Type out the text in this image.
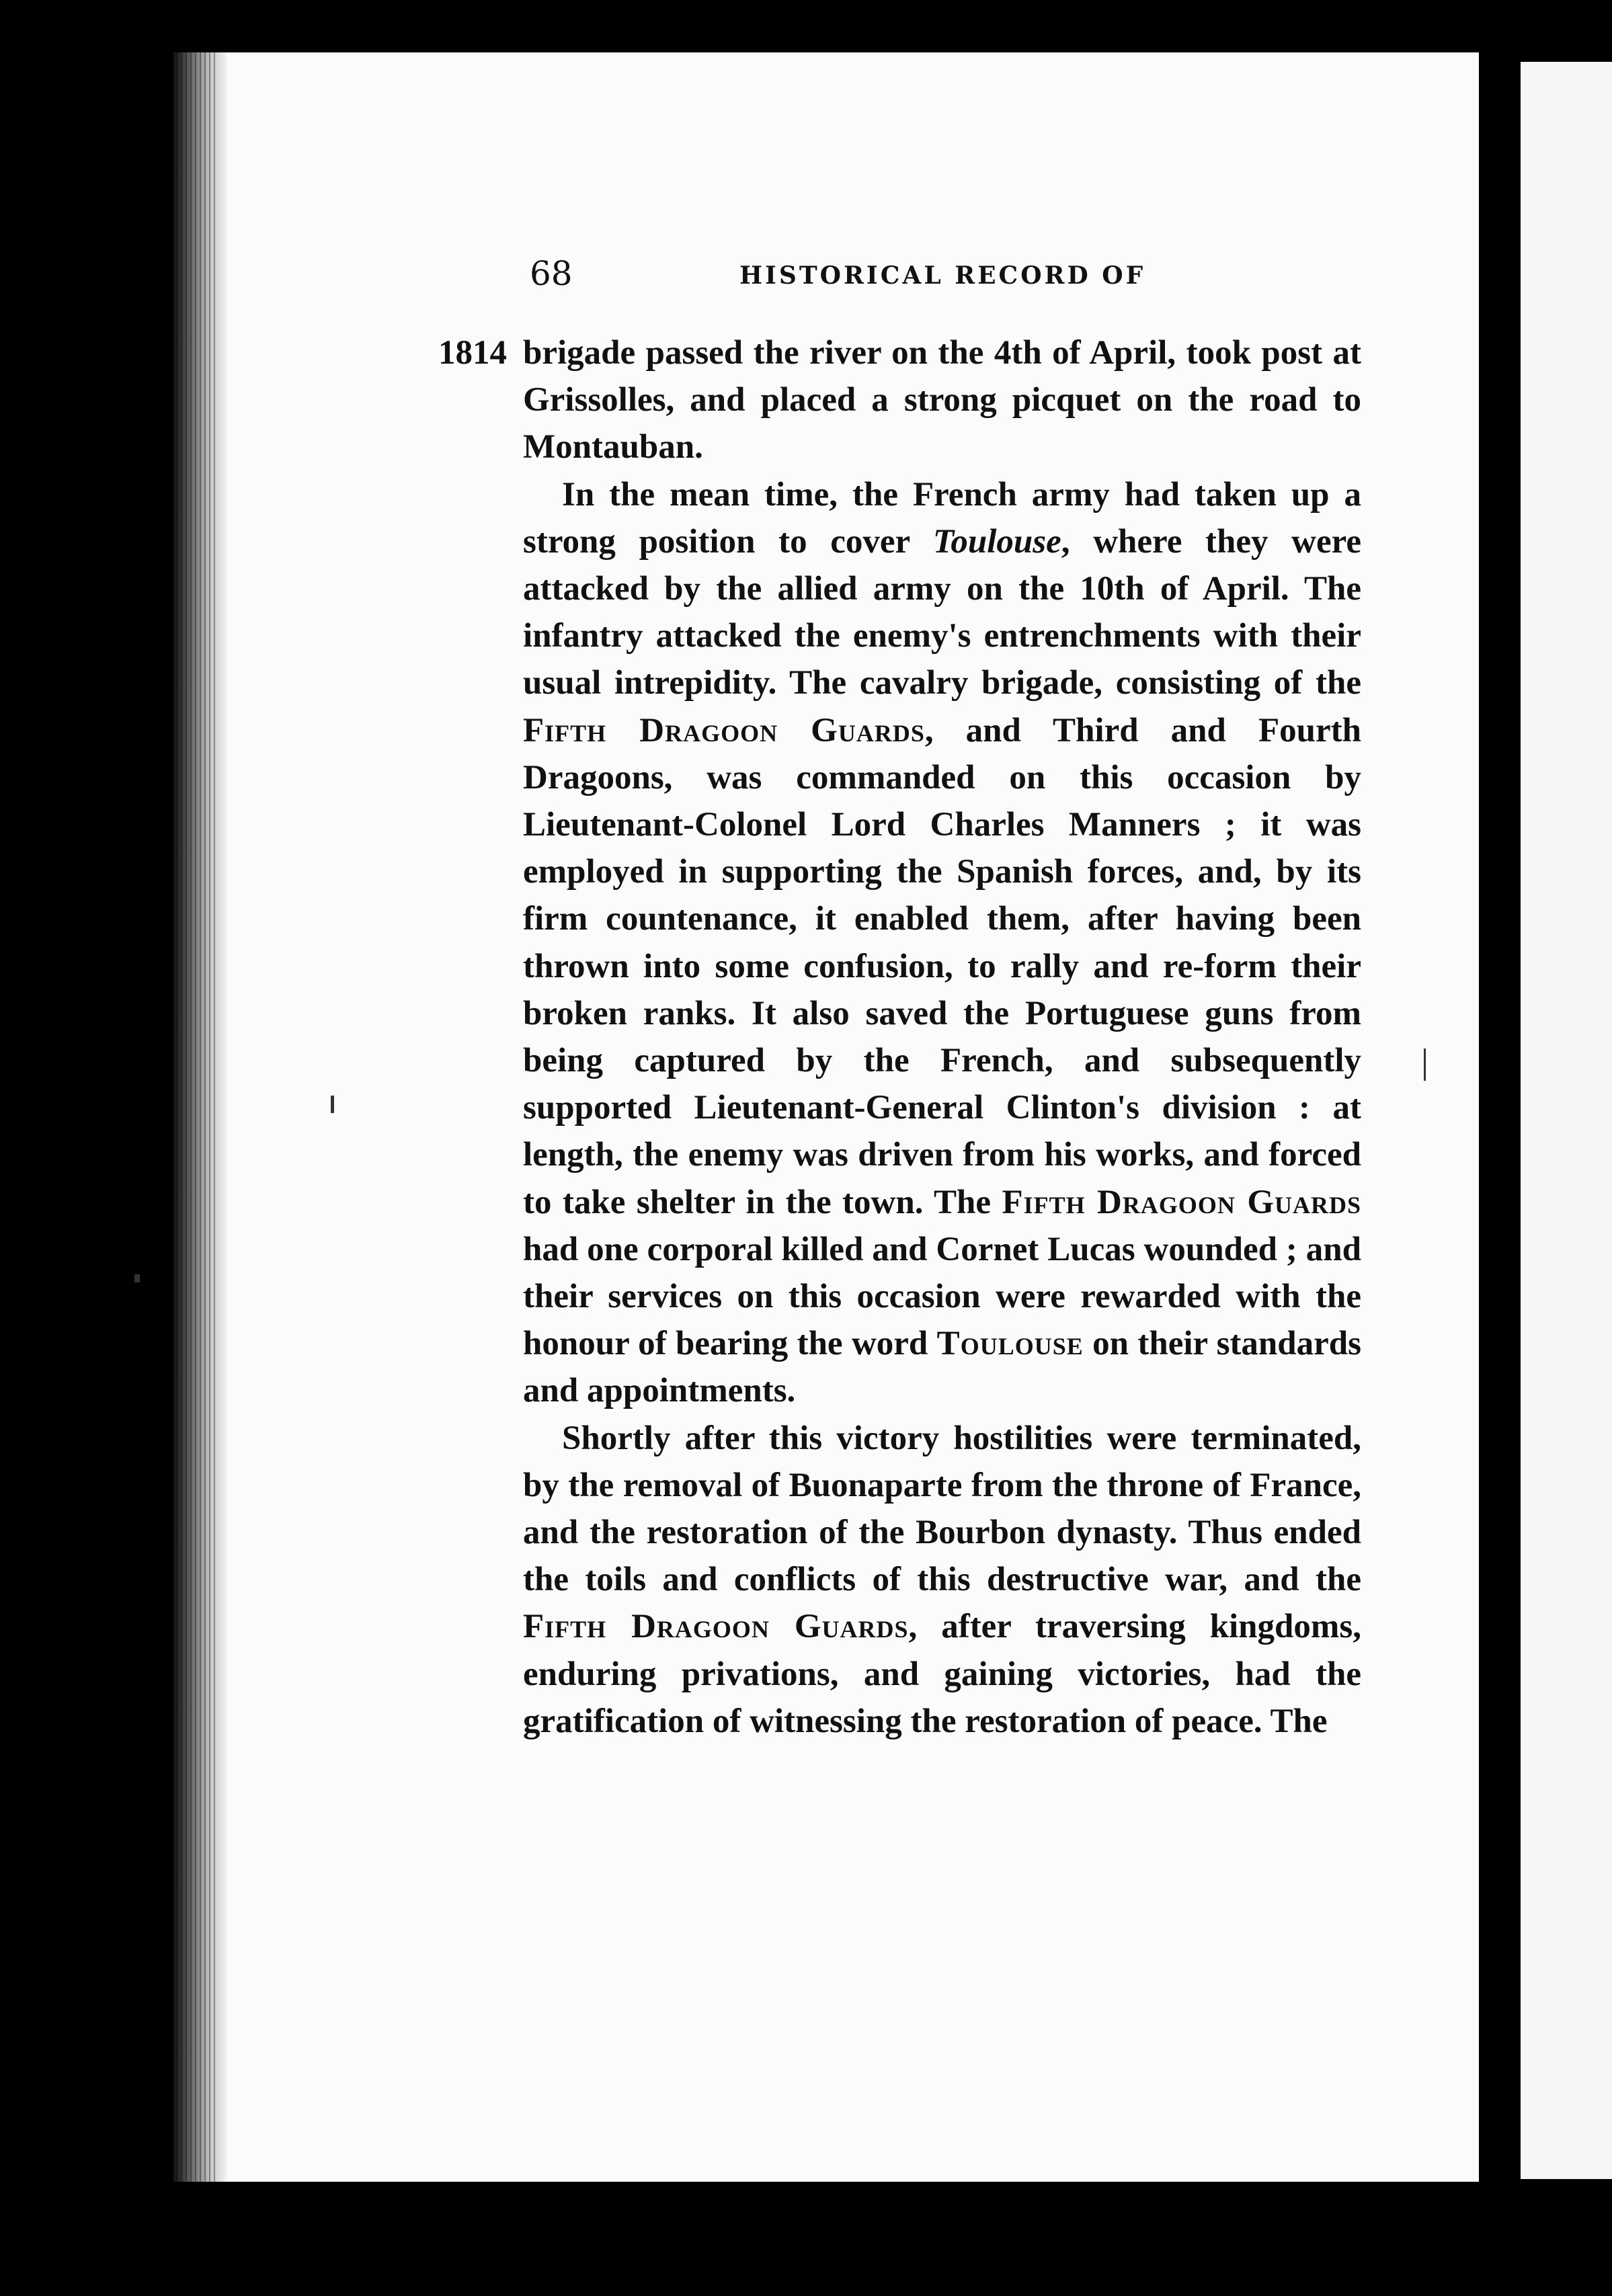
68	HISTORICAL RECORD OF
1814 brigade passed the river on the 4th of April, took post at Grissolles, and placed a strong picquet on the road to Montauban.

In the mean time, the French army had taken up a strong position to cover Toulouse, where they were attacked by the allied army on the 10th of April. The infantry attacked the enemy's entrenchments with their usual intrepidity. The cavalry brigade, consisting of the Fifth Dragoon Guards, and Third and Fourth Dragoons, was commanded on this occasion by Lieutenant-Colonel Lord Charles Manners ; it was employed in supporting the Spanish forces, and, by its firm countenance, it enabled them, after having been thrown into some confusion, to rally and re-form their broken ranks. It also saved the Portuguese guns from being captured by the French, and subsequently supported Lieutenant-General Clinton's division : at length, the enemy was driven from his works, and forced to take shelter in the town. The Fifth Dragoon Guards had one corporal killed and Cornet Lucas wounded ; and their services on this occasion were rewarded with the honour of bearing the word Toulouse on their standards and appointments.

Shortly after this victory hostilities were terminated, by the removal of Buonaparte from the throne of France, and the restoration of the Bourbon dynasty. Thus ended the toils and conflicts of this destructive war, and the Fifth Dragoon Guards, after traversing kingdoms, enduring privations, and gaining victories, had the gratification of witnessing the restoration of peace. The
